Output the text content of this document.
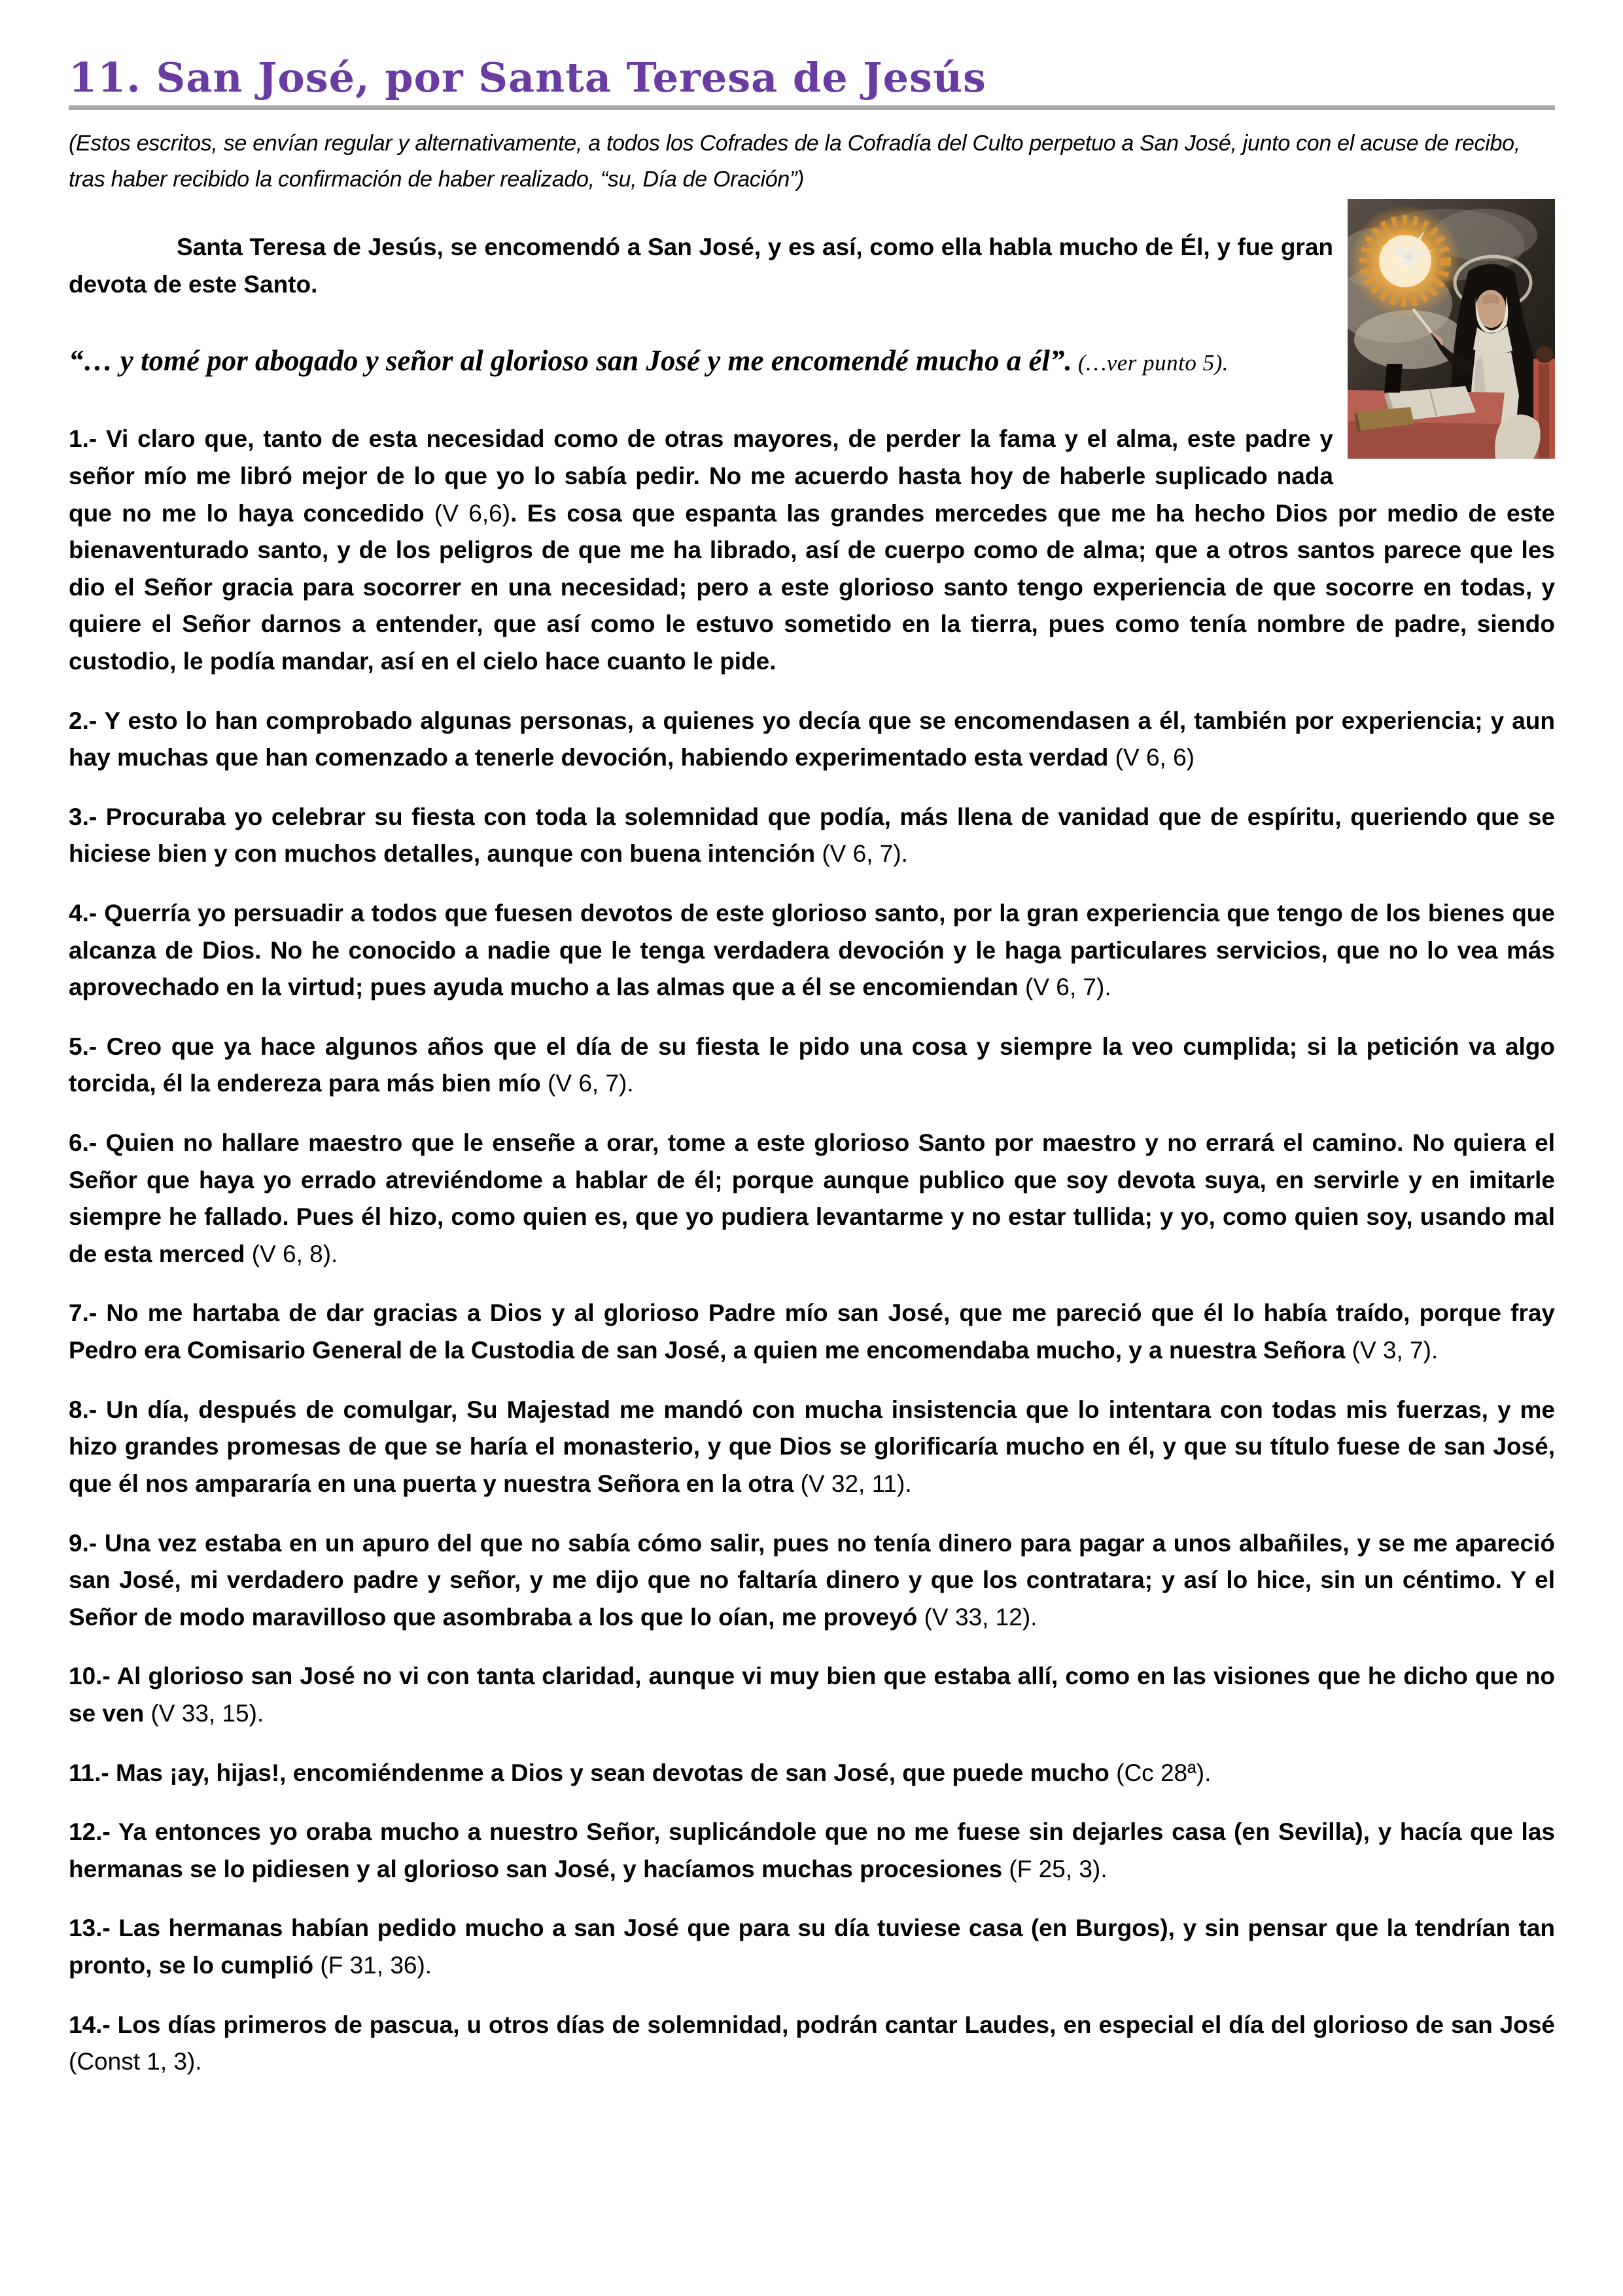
11. San José, por Santa Teresa de Jesús

(Estos escritos, se envían regular y alternativamente, a todos los Cofrades de la Cofradía del Culto perpetuo a San José, junto con el acuse de recibo, tras haber recibido la confirmación de haber realizado, “su, Día de Oración”)

Santa Teresa de Jesús, se encomendó a San José, y es así, como ella habla mucho de Él, y fue gran devota de este Santo.

“… y tomé por abogado y señor al glorioso san José y me encomendé mucho a él”. (…ver punto 5).

1.- Vi claro que, tanto de esta necesidad como de otras mayores, de perder la fama y el alma, este padre y señor mío me libró mejor de lo que yo lo sabía pedir. No me acuerdo hasta hoy de haberle suplicado nada que no me lo haya concedido (V 6,6). Es cosa que espanta las grandes mercedes que me ha hecho Dios por medio de este bienaventurado santo, y de los peligros de que me ha librado, así de cuerpo como de alma; que a otros santos parece que les dio el Señor gracia para socorrer en una necesidad; pero a este glorioso santo tengo experiencia de que socorre en todas, y quiere el Señor darnos a entender, que así como le estuvo sometido en la tierra, pues como tenía nombre de padre, siendo custodio, le podía mandar, así en el cielo hace cuanto le pide.

2.- Y esto lo han comprobado algunas personas, a quienes yo decía que se encomendasen a él, también por experiencia; y aun hay muchas que han comenzado a tenerle devoción, habiendo experimentado esta verdad (V 6, 6)

3.- Procuraba yo celebrar su fiesta con toda la solemnidad que podía, más llena de vanidad que de espíritu, queriendo que se hiciese bien y con muchos detalles, aunque con buena intención (V 6, 7).

4.- Querría yo persuadir a todos que fuesen devotos de este glorioso santo, por la gran experiencia que tengo de los bienes que alcanza de Dios. No he conocido a nadie que le tenga verdadera devoción y le haga particulares servicios, que no lo vea más aprovechado en la virtud; pues ayuda mucho a las almas que a él se encomiendan (V 6, 7).

5.- Creo que ya hace algunos años que el día de su fiesta le pido una cosa y siempre la veo cumplida; si la petición va algo torcida, él la endereza para más bien mío (V 6, 7).

6.- Quien no hallare maestro que le enseñe a orar, tome a este glorioso Santo por maestro y no errará el camino. No quiera el Señor que haya yo errado atreviéndome a hablar de él; porque aunque publico que soy devota suya, en servirle y en imitarle siempre he fallado. Pues él hizo, como quien es, que yo pudiera levantarme y no estar tullida; y yo, como quien soy, usando mal de esta merced (V 6, 8).

7.- No me hartaba de dar gracias a Dios y al glorioso Padre mío san José, que me pareció que él lo había traído, porque fray Pedro era Comisario General de la Custodia de san José, a quien me encomendaba mucho, y a nuestra Señora (V 3, 7).

8.- Un día, después de comulgar, Su Majestad me mandó con mucha insistencia que lo intentara con todas mis fuerzas, y me hizo grandes promesas de que se haría el monasterio, y que Dios se glorificaría mucho en él, y que su título fuese de san José, que él nos ampararía en una puerta y nuestra Señora en la otra (V 32, 11).

9.- Una vez estaba en un apuro del que no sabía cómo salir, pues no tenía dinero para pagar a unos albañiles, y se me apareció san José, mi verdadero padre y señor, y me dijo que no faltaría dinero y que los contratara; y así lo hice, sin un céntimo. Y el Señor de modo maravilloso que asombraba a los que lo oían, me proveyó (V 33, 12).

10.- Al glorioso san José no vi con tanta claridad, aunque vi muy bien que estaba allí, como en las visiones que he dicho que no se ven (V 33, 15).

11.- Mas ¡ay, hijas!, encomiéndenme a Dios y sean devotas de san José, que puede mucho (Cc 28ª).

12.- Ya entonces yo oraba mucho a nuestro Señor, suplicándole que no me fuese sin dejarles casa (en Sevilla), y hacía que las hermanas se lo pidiesen y al glorioso san José, y hacíamos muchas procesiones (F 25, 3).

13.- Las hermanas habían pedido mucho a san José que para su día tuviese casa (en Burgos), y sin pensar que la tendrían tan pronto, se lo cumplió (F 31, 36).

14.- Los días primeros de pascua, u otros días de solemnidad, podrán cantar Laudes, en especial el día del glorioso de san José (Const 1, 3).
